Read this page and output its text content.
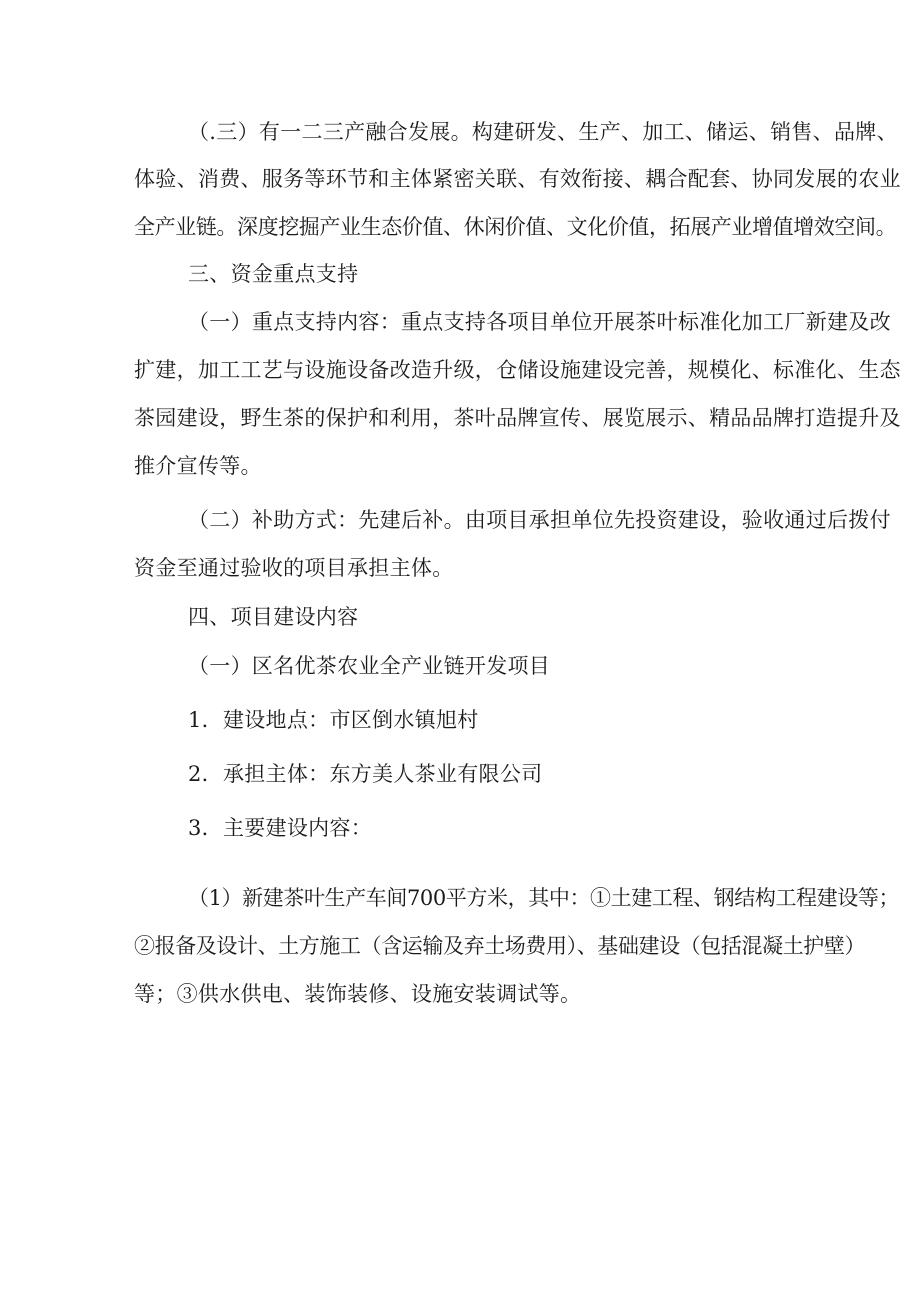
（.三）有一二三产融合发展。构建研发、生产、加工、储运、销售、品牌、
体验、消费、服务等环节和主体紧密关联、有效衔接、耦合配套、协同发展的农业
全产业链。深度挖掘产业生态价值、休闲价值、文化价值，拓展产业增值增效空间。
三、资金重点支持
（一）重点支持内容：重点支持各项目单位开展茶叶标准化加工厂新建及改
扩建，加工工艺与设施设备改造升级，仓储设施建设完善，规模化、标准化、生态
茶园建设，野生茶的保护和利用，茶叶品牌宣传、展览展示、精品品牌打造提升及
推介宣传等。
（二）补助方式：先建后补。由项目承担单位先投资建设，验收通过后拨付
资金至通过验收的项目承担主体。
四、项目建设内容
（一）区名优茶农业全产业链开发项目
1．建设地点：市区倒水镇旭村
2．承担主体：东方美人茶业有限公司
3．主要建设内容：
（1）新建茶叶生产车间700平方米，其中：①土建工程、钢结构工程建设等；
②报备及设计、土方施工（含运输及弃土场费用）、基础建设（包括混凝土护壁）
等；③供水供电、装饰装修、设施安装调试等。
